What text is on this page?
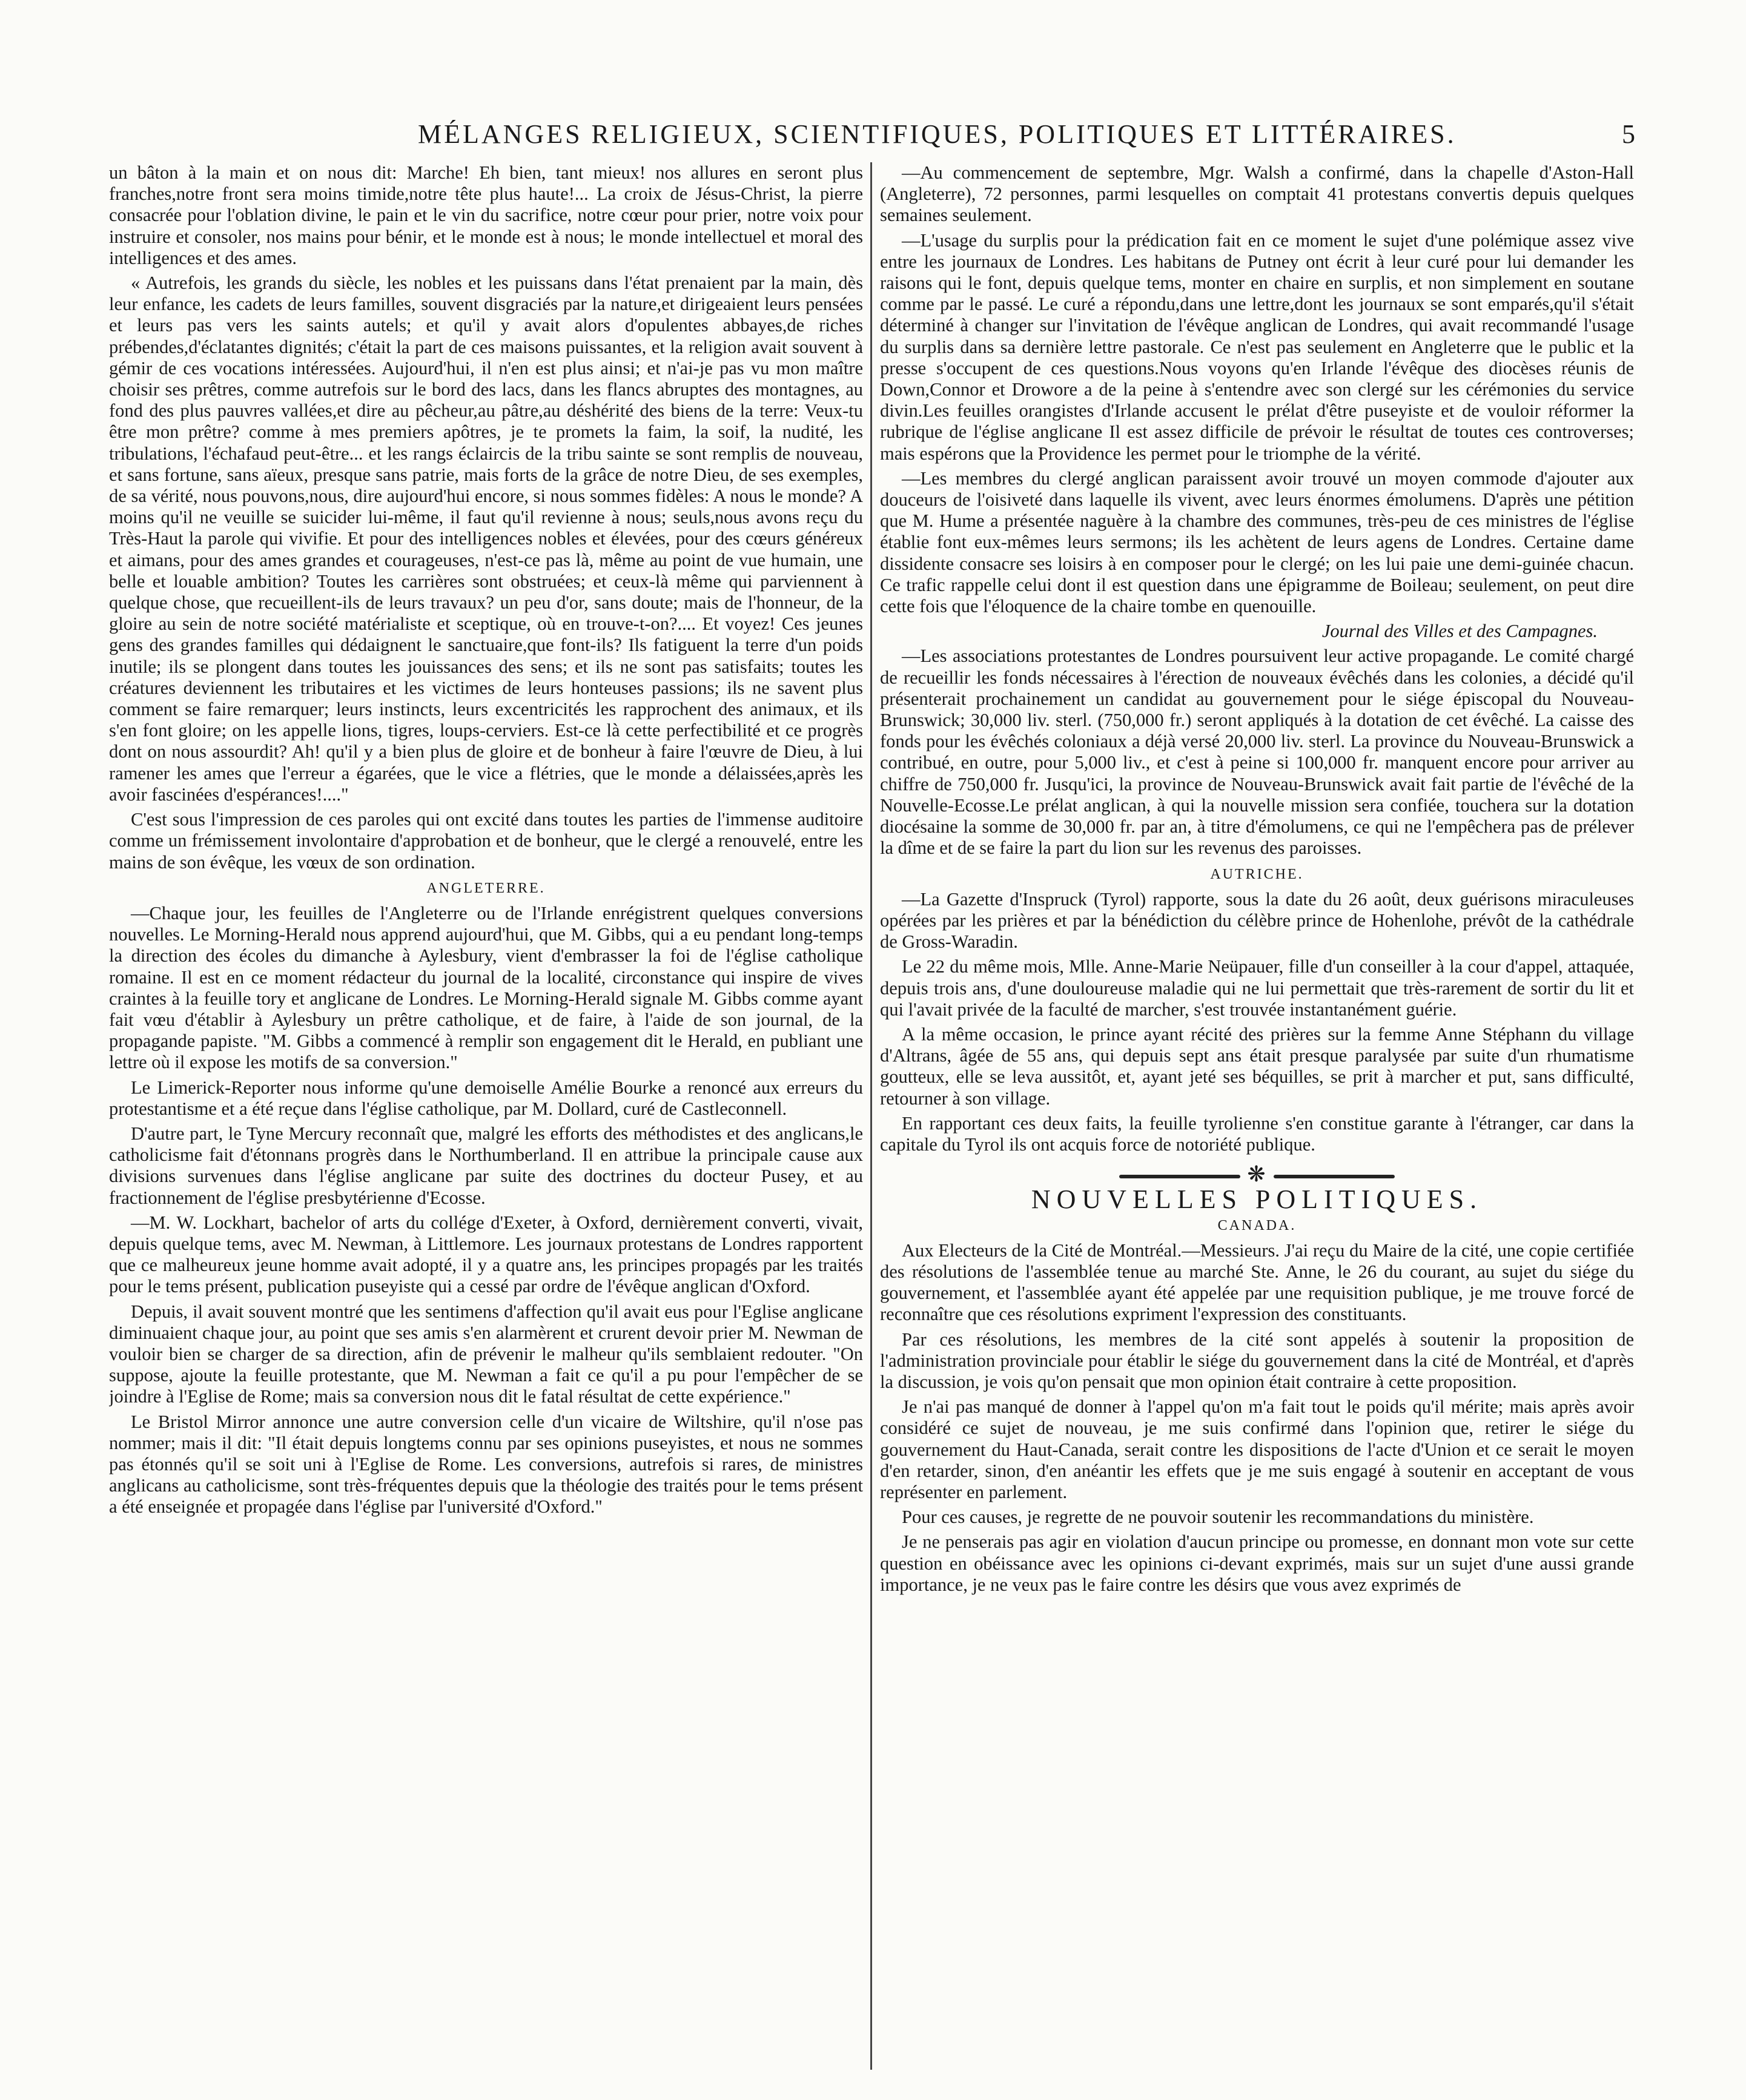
MÉLANGES RELIGIEUX, SCIENTIFIQUES, POLITIQUES ET LITTÉRAIRES.	5

un bâton à la main et on nous dit: Marche! Eh bien, tant mieux! nos allures en seront plus franches,notre front sera moins timide,notre tête plus haute!... La croix de Jésus-Christ, la pierre consacrée pour l'oblation divine, le pain et le vin du sacrifice, notre cœur pour prier, notre voix pour instruire et consoler, nos mains pour bénir, et le monde est à nous; le monde intellectuel et moral des intelligences et des ames.

« Autrefois, les grands du siècle, les nobles et les puissans dans l'état prenaient par la main, dès leur enfance, les cadets de leurs familles, souvent disgraciés par la nature,et dirigeaient leurs pensées et leurs pas vers les saints autels; et qu'il y avait alors d'opulentes abbayes,de riches prébendes,d'éclatantes dignités; c'était la part de ces maisons puissantes, et la religion avait souvent à gémir de ces vocations intéressées. Aujourd'hui, il n'en est plus ainsi; et n'ai-je pas vu mon maître choisir ses prêtres, comme autrefois sur le bord des lacs, dans les flancs abruptes des montagnes, au fond des plus pauvres vallées,et dire au pêcheur,au pâtre,au déshérité des biens de la terre: Veux-tu être mon prêtre? comme à mes premiers apôtres, je te promets la faim, la soif, la nudité, les tribulations, l'échafaud peut-être... et les rangs éclaircis de la tribu sainte se sont remplis de nouveau, et sans fortune, sans aïeux, presque sans patrie, mais forts de la grâce de notre Dieu, de ses exemples, de sa vérité, nous pouvons,nous, dire aujourd'hui encore, si nous sommes fidèles: A nous le monde? A moins qu'il ne veuille se suicider lui-même, il faut qu'il revienne à nous; seuls,nous avons reçu du Très-Haut la parole qui vivifie. Et pour des intelligences nobles et élevées, pour des cœurs généreux et aimans, pour des ames grandes et courageuses, n'est-ce pas là, même au point de vue humain, une belle et louable ambition? Toutes les carrières sont obstruées; et ceux-là même qui parviennent à quelque chose, que recueillent-ils de leurs travaux? un peu d'or, sans doute; mais de l'honneur, de la gloire au sein de notre société matérialiste et sceptique, où en trouve-t-on?.... Et voyez! Ces jeunes gens des grandes familles qui dédaignent le sanctuaire,que font-ils? Ils fatiguent la terre d'un poids inutile; ils se plongent dans toutes les jouissances des sens; et ils ne sont pas satisfaits; toutes les créatures deviennent les tributaires et les victimes de leurs honteuses passions; ils ne savent plus comment se faire remarquer; leurs instincts, leurs excentricités les rapprochent des animaux, et ils s'en font gloire; on les appelle lions, tigres, loups-cerviers. Est-ce là cette perfectibilité et ce progrès dont on nous assourdit? Ah! qu'il y a bien plus de gloire et de bonheur à faire l'œuvre de Dieu, à lui ramener les ames que l'erreur a égarées, que le vice a flétries, que le monde a délaissées,après les avoir fascinées d'espérances!...."

C'est sous l'impression de ces paroles qui ont excité dans toutes les parties de l'immense auditoire comme un frémissement involontaire d'approbation et de bonheur, que le clergé a renouvelé, entre les mains de son évêque, les vœux de son ordination.

ANGLETERRE.

—Chaque jour, les feuilles de l'Angleterre ou de l'Irlande enrégistrent quelques conversions nouvelles. Le Morning-Herald nous apprend aujourd'hui, que M. Gibbs, qui a eu pendant long-temps la direction des écoles du dimanche à Aylesbury, vient d'embrasser la foi de l'église catholique romaine. Il est en ce moment rédacteur du journal de la localité, circonstance qui inspire de vives craintes à la feuille tory et anglicane de Londres. Le Morning-Herald signale M. Gibbs comme ayant fait vœu d'établir à Aylesbury un prêtre catholique, et de faire, à l'aide de son journal, de la propagande papiste. "M. Gibbs a commencé à remplir son engagement dit le Herald, en publiant une lettre où il expose les motifs de sa conversion."

Le Limerick-Reporter nous informe qu'une demoiselle Amélie Bourke a renoncé aux erreurs du protestantisme et a été reçue dans l'église catholique, par M. Dollard, curé de Castleconnell.

D'autre part, le Tyne Mercury reconnaît que, malgré les efforts des méthodistes et des anglicans,le catholicisme fait d'étonnans progrès dans le Northumberland. Il en attribue la principale cause aux divisions survenues dans l'église anglicane par suite des doctrines du docteur Pusey, et au fractionnement de l'église presbytérienne d'Ecosse.

—M. W. Lockhart, bachelor of arts du collége d'Exeter, à Oxford, dernièrement converti, vivait, depuis quelque tems, avec M. Newman, à Littlemore. Les journaux protestans de Londres rapportent que ce malheureux jeune homme avait adopté, il y a quatre ans, les principes propagés par les traités pour le tems présent, publication puseyiste qui a cessé par ordre de l'évêque anglican d'Oxford.

Depuis, il avait souvent montré que les sentimens d'affection qu'il avait eus pour l'Eglise anglicane diminuaient chaque jour, au point que ses amis s'en alarmèrent et crurent devoir prier M. Newman de vouloir bien se charger de sa direction, afin de prévenir le malheur qu'ils semblaient redouter. "On suppose, ajoute la feuille protestante, que M. Newman a fait ce qu'il a pu pour l'empêcher de se joindre à l'Eglise de Rome; mais sa conversion nous dit le fatal résultat de cette expérience."

Le Bristol Mirror annonce une autre conversion celle d'un vicaire de Wiltshire, qu'il n'ose pas nommer; mais il dit: "Il était depuis longtems connu par ses opinions puseyistes, et nous ne sommes pas étonnés qu'il se soit uni à l'Eglise de Rome. Les conversions, autrefois si rares, de ministres anglicans au catholicisme, sont très-fréquentes depuis que la théologie des traités pour le tems présent a été enseignée et propagée dans l'église par l'université d'Oxford."

—Au commencement de septembre, Mgr. Walsh a confirmé, dans la chapelle d'Aston-Hall (Angleterre), 72 personnes, parmi lesquelles on comptait 41 protestans convertis depuis quelques semaines seulement.

—L'usage du surplis pour la prédication fait en ce moment le sujet d'une polémique assez vive entre les journaux de Londres. Les habitans de Putney ont écrit à leur curé pour lui demander les raisons qui le font, depuis quelque tems, monter en chaire en surplis, et non simplement en soutane comme par le passé. Le curé a répondu,dans une lettre,dont les journaux se sont emparés,qu'il s'était déterminé à changer sur l'invitation de l'évêque anglican de Londres, qui avait recommandé l'usage du surplis dans sa dernière lettre pastorale. Ce n'est pas seulement en Angleterre que le public et la presse s'occupent de ces questions.Nous voyons qu'en Irlande l'évêque des diocèses réunis de Down,Connor et Drowore a de la peine à s'entendre avec son clergé sur les cérémonies du service divin.Les feuilles orangistes d'Irlande accusent le prélat d'être puseyiste et de vouloir réformer la rubrique de l'église anglicane Il est assez difficile de prévoir le résultat de toutes ces controverses; mais espérons que la Providence les permet pour le triomphe de la vérité.

—Les membres du clergé anglican paraissent avoir trouvé un moyen commode d'ajouter aux douceurs de l'oisiveté dans laquelle ils vivent, avec leurs énormes émolumens. D'après une pétition que M. Hume a présentée naguère à la chambre des communes, très-peu de ces ministres de l'église établie font eux-mêmes leurs sermons; ils les achètent de leurs agens de Londres. Certaine dame dissidente consacre ses loisirs à en composer pour le clergé; on les lui paie une demi-guinée chacun. Ce trafic rappelle celui dont il est question dans une épigramme de Boileau; seulement, on peut dire cette fois que l'éloquence de la chaire tombe en quenouille.

Journal des Villes et des Campagnes.

—Les associations protestantes de Londres poursuivent leur active propagande. Le comité chargé de recueillir les fonds nécessaires à l'érection de nouveaux évêchés dans les colonies, a décidé qu'il présenterait prochainement un candidat au gouvernement pour le siége épiscopal du Nouveau-Brunswick; 30,000 liv. sterl. (750,000 fr.) seront appliqués à la dotation de cet évêché. La caisse des fonds pour les évêchés coloniaux a déjà versé 20,000 liv. sterl. La province du Nouveau-Brunswick a contribué, en outre, pour 5,000 liv., et c'est à peine si 100,000 fr. manquent encore pour arriver au chiffre de 750,000 fr. Jusqu'ici, la province de Nouveau-Brunswick avait fait partie de l'évêché de la Nouvelle-Ecosse.Le prélat anglican, à qui la nouvelle mission sera confiée, touchera sur la dotation diocésaine la somme de 30,000 fr. par an, à titre d'émolumens, ce qui ne l'empêchera pas de prélever la dîme et de se faire la part du lion sur les revenus des paroisses.

AUTRICHE.

—La Gazette d'Inspruck (Tyrol) rapporte, sous la date du 26 août, deux guérisons miraculeuses opérées par les prières et par la bénédiction du célèbre prince de Hohenlohe, prévôt de la cathédrale de Gross-Waradin.

Le 22 du même mois, Mlle. Anne-Marie Neüpauer, fille d'un conseiller à la cour d'appel, attaquée, depuis trois ans, d'une douloureuse maladie qui ne lui permettait que très-rarement de sortir du lit et qui l'avait privée de la faculté de marcher, s'est trouvée instantanément guérie.

A la même occasion, le prince ayant récité des prières sur la femme Anne Stéphann du village d'Altrans, âgée de 55 ans, qui depuis sept ans était presque paralysée par suite d'un rhumatisme goutteux, elle se leva aussitôt, et, ayant jeté ses béquilles, se prit à marcher et put, sans difficulté, retourner à son village.

En rapportant ces deux faits, la feuille tyrolienne s'en constitue garante à l'étranger, car dans la capitale du Tyrol ils ont acquis force de notoriété publique.

❋
NOUVELLES POLITIQUES.

CANADA.

Aux Electeurs de la Cité de Montréal.—Messieurs. J'ai reçu du Maire de la cité, une copie certifiée des résolutions de l'assemblée tenue au marché Ste. Anne, le 26 du courant, au sujet du siége du gouvernement, et l'assemblée ayant été appelée par une requisition publique, je me trouve forcé de reconnaître que ces résolutions expriment l'expression des constituants.

Par ces résolutions, les membres de la cité sont appelés à soutenir la proposition de l'administration provinciale pour établir le siége du gouvernement dans la cité de Montréal, et d'après la discussion, je vois qu'on pensait que mon opinion était contraire à cette proposition.

Je n'ai pas manqué de donner à l'appel qu'on m'a fait tout le poids qu'il mérite; mais après avoir considéré ce sujet de nouveau, je me suis confirmé dans l'opinion que, retirer le siége du gouvernement du Haut-Canada, serait contre les dispositions de l'acte d'Union et ce serait le moyen d'en retarder, sinon, d'en anéantir les effets que je me suis engagé à soutenir en acceptant de vous représenter en parlement.

Pour ces causes, je regrette de ne pouvoir soutenir les recommandations du ministère.

Je ne penserais pas agir en violation d'aucun principe ou promesse, en donnant mon vote sur cette question en obéissance avec les opinions ci-devant exprimés, mais sur un sujet d'une aussi grande importance, je ne veux pas le faire contre les désirs que vous avez exprimés de
